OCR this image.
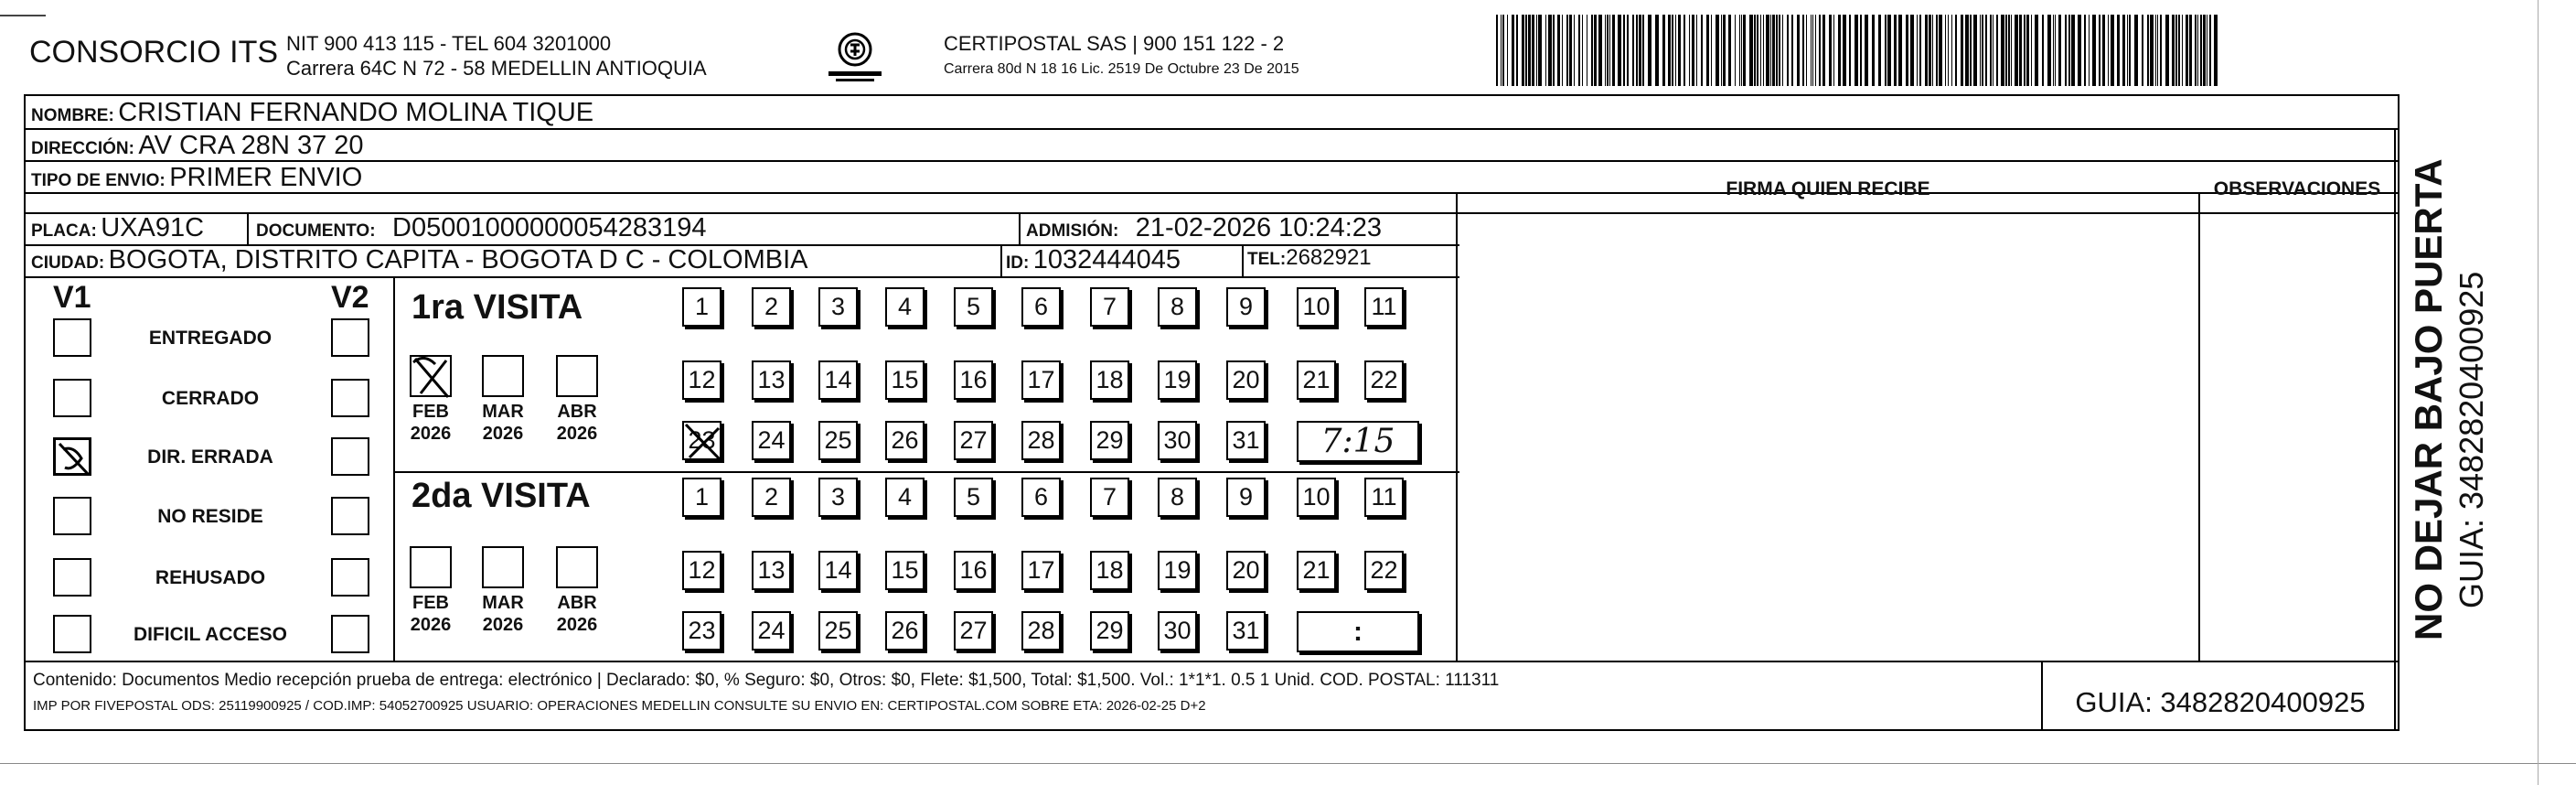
CONSORCIO ITS NIT 900 413 115 - TEL 604 3201000
Carrera 64C N 72 - 58 MEDELLIN ANTIOQUIA
CERTIPOSTAL SAS | 900 151 122 - 2
Carrera 80d N 18 16 Lic. 2519 De Octubre 23 De 2015
NOMBRE: CRISTIAN FERNANDO MOLINA TIQUE
DIRECCIÓN: AV CRA 28N 37 20
TIPO DE ENVIO: PRIMER ENVIO
PLACA: UXA91C	DOCUMENTO: D05001000000054283194	ADMISIÓN: 21-02-2026 10:24:23
CIUDAD: BOGOTA, DISTRITO CAPITA - BOGOTA D C - COLOMBIA	ID: 1032444045	TEL:2682921
FIRMA QUIEN RECIBE	OBSERVACIONES
V1	V2
ENTREGADO
CERRADO
DIR. ERRADA
NO RESIDE
REHUSADO
DIFICIL ACCESO
1ra VISITA
2da VISITA
FEB
2026
MAR
2026
ABR
2026
1	2	3	4	5	6	7	8	9	10 11
12 13 14 15 16 17 18 19 20 21 22
23 24 25 26 27 28 29 30 31	7:15
FEB
2026
MAR
2026
ABR
2026
1	2	3	4	5	6	7	8	9	10 11
12 13 14 15 16 17 18 19 20 21 22
23 24 25 26 27 28 29 30 31	:
Contenido: Documentos Medio recepción prueba de entrega: electrónico | Declarado: $0, % Seguro: $0, Otros: $0, Flete: $1,500, Total: $1,500. Vol.: 1*1*1. 0.5 1 Unid. COD. POSTAL: 111311
IMP POR FIVEPOSTAL ODS: 25119900925 / COD.IMP: 54052700925 USUARIO: OPERACIONES MEDELLIN CONSULTE SU ENVIO EN: CERTIPOSTAL.COM SOBRE ETA: 2026-02-25 D+2	GUIA: 3482820400925
NO DEJAR BAJO PUERTA GUIA: 3482820400925
